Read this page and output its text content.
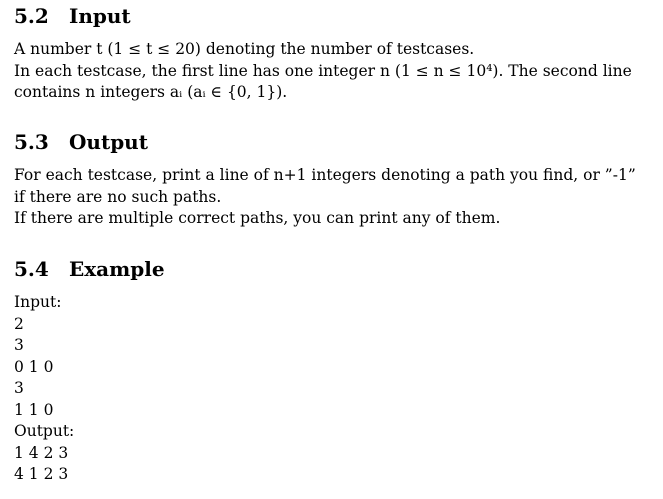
5.2 Input
A number t (1 ≤ t ≤ 20) denoting the number of testcases.
In each testcase, the first line has one integer n (1 ≤ n ≤ 10⁴). The second line
contains n integers aᵢ (aᵢ ∈ {0, 1}).
5.3 Output
For each testcase, print a line of n+1 integers denoting a path you find, or ”-1”
if there are no such paths.
If there are multiple correct paths, you can print any of them.
5.4 Example
Input:
2
3
0 1 0
3
1 1 0
Output:
1 4 2 3
4 1 2 3
